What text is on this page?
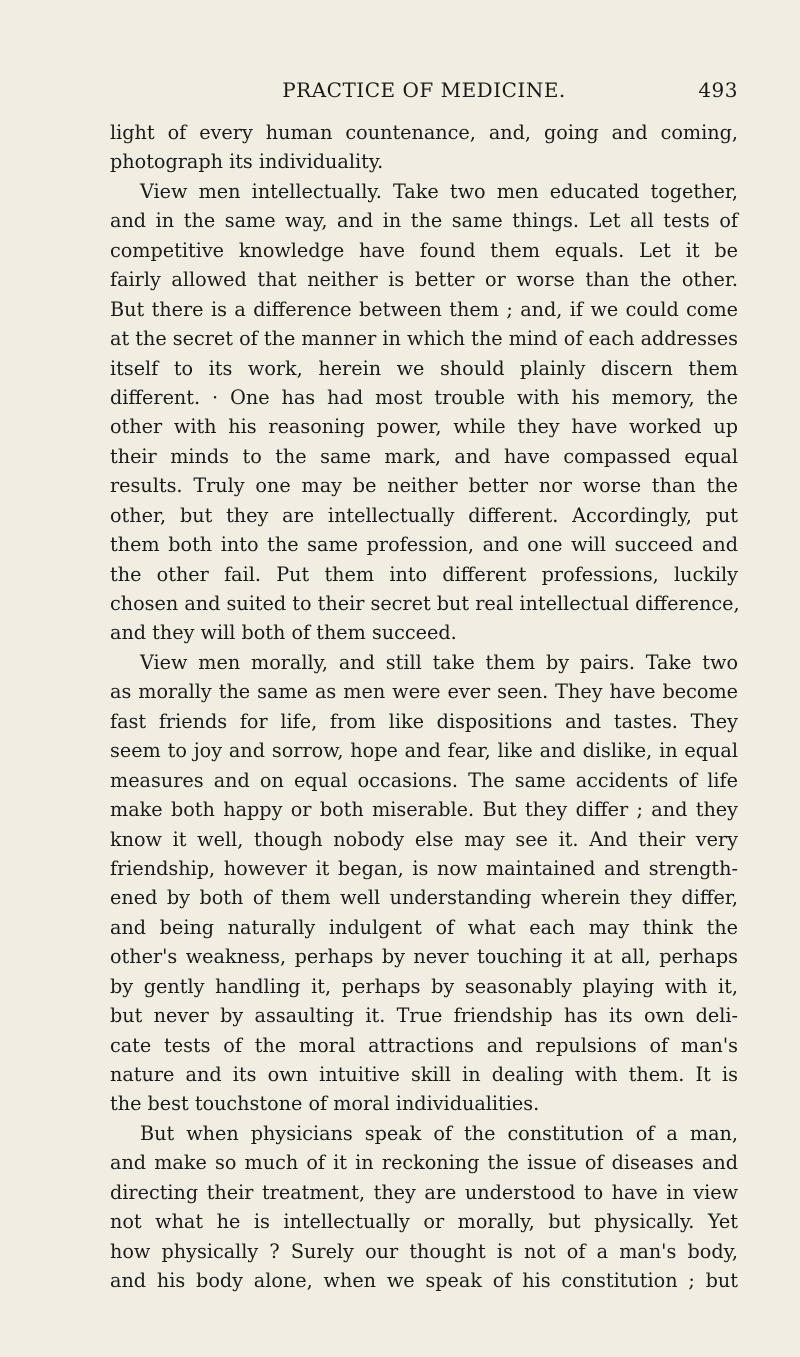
PRACTICE OF MEDICINE.	493
light of every human countenance, and, going and coming,
photograph its individuality.
View men intellectually. Take two men educated together,
and in the same way, and in the same things. Let all tests of
competitive knowledge have found them equals. Let it be
fairly allowed that neither is better or worse than the other.
But there is a difference between them ; and, if we could come
at the secret of the manner in which the mind of each addresses
itself to its work, herein we should plainly discern them
different. · One has had most trouble with his memory, the
other with his reasoning power, while they have worked up
their minds to the same mark, and have compassed equal
results. Truly one may be neither better nor worse than the
other, but they are intellectually different. Accordingly, put
them both into the same profession, and one will succeed and
the other fail. Put them into different professions, luckily
chosen and suited to their secret but real intellectual difference,
and they will both of them succeed.
View men morally, and still take them by pairs. Take two
as morally the same as men were ever seen. They have become
fast friends for life, from like dispositions and tastes. They
seem to joy and sorrow, hope and fear, like and dislike, in equal
measures and on equal occasions. The same accidents of life
make both happy or both miserable. But they differ ; and they
know it well, though nobody else may see it. And their very
friendship, however it began, is now maintained and strength-
ened by both of them well understanding wherein they differ,
and being naturally indulgent of what each may think the
other's weakness, perhaps by never touching it at all, perhaps
by gently handling it, perhaps by seasonably playing with it,
but never by assaulting it. True friendship has its own deli-
cate tests of the moral attractions and repulsions of man's
nature and its own intuitive skill in dealing with them. It is
the best touchstone of moral individualities.
But when physicians speak of the constitution of a man,
and make so much of it in reckoning the issue of diseases and
directing their treatment, they are understood to have in view
not what he is intellectually or morally, but physically. Yet
how physically ? Surely our thought is not of a man's body,
and his body alone, when we speak of his constitution ; but
